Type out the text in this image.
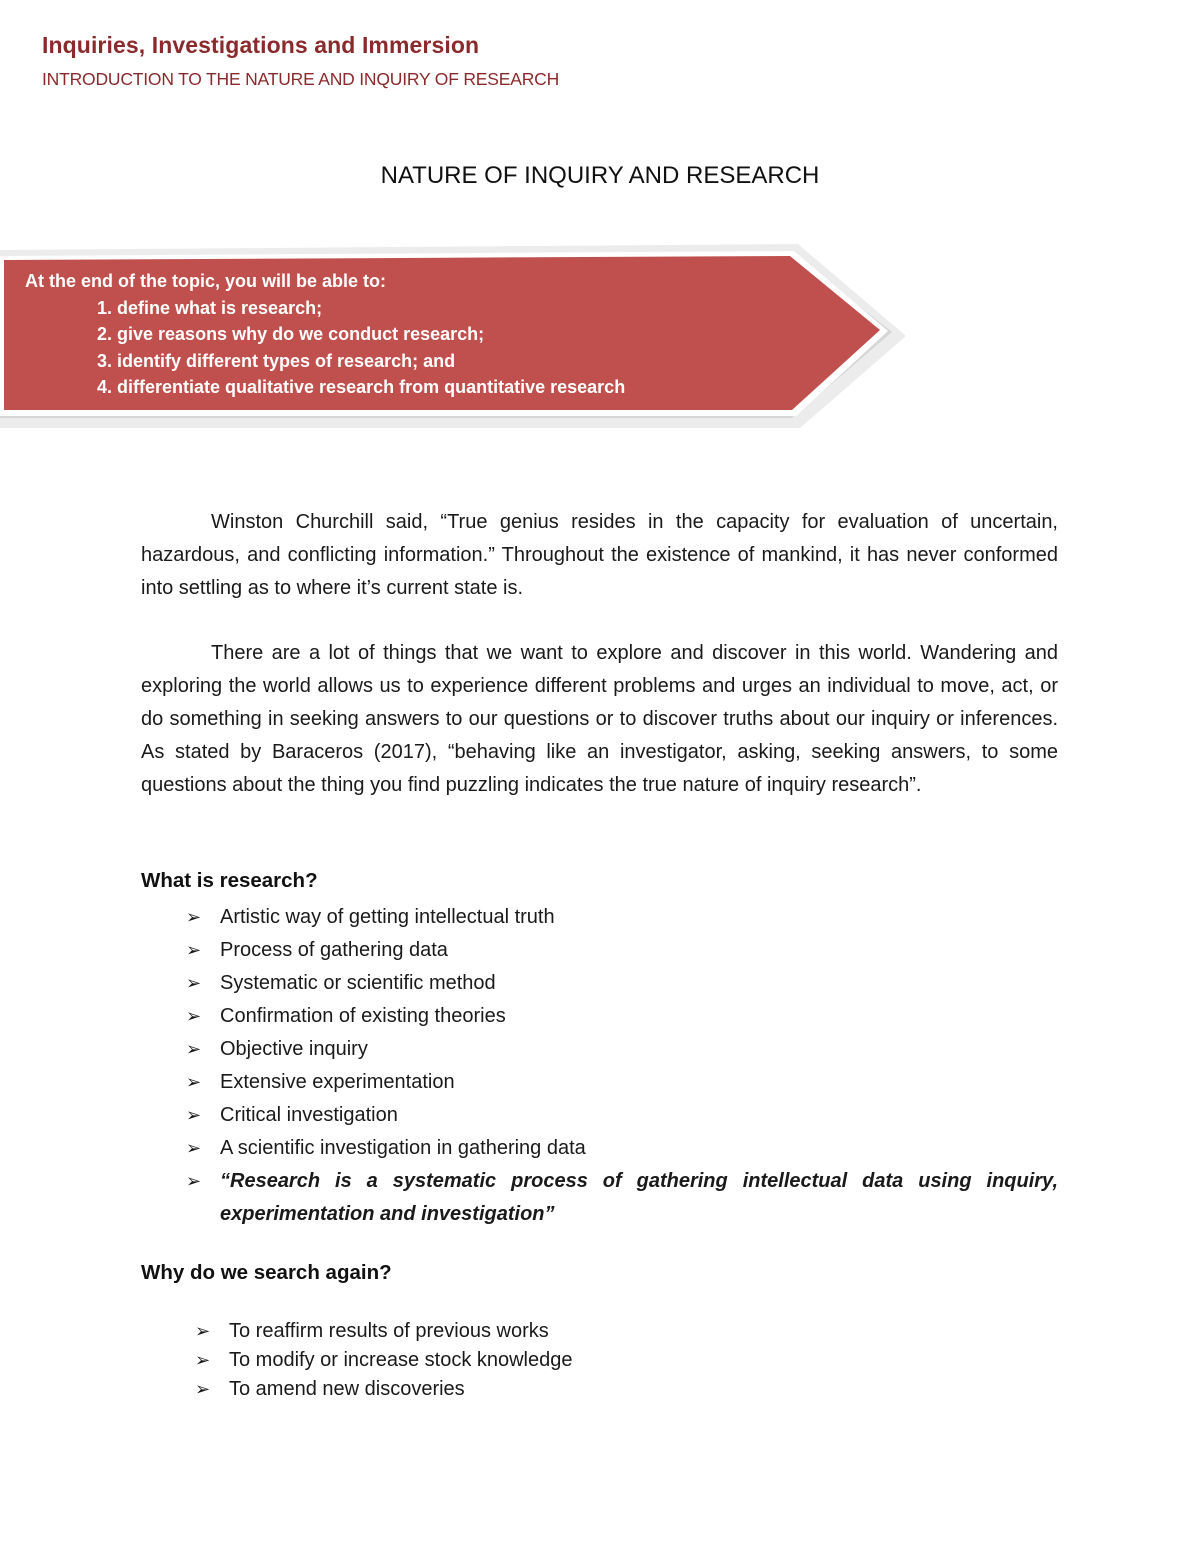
Inquiries, Investigations and Immersion
INTRODUCTION TO THE NATURE AND INQUIRY OF RESEARCH
NATURE OF INQUIRY AND RESEARCH
At the end of the topic, you will be able to:
1. define what is research;
2. give reasons why do we conduct research;
3. identify different types of research; and
4. differentiate qualitative research from quantitative research
Winston Churchill said, “True genius resides in the capacity for evaluation of uncertain, hazardous, and conflicting information.” Throughout the existence of mankind, it has never conformed into settling as to where it’s current state is.
There are a lot of things that we want to explore and discover in this world. Wandering and exploring the world allows us to experience different problems and urges an individual to move, act, or do something in seeking answers to our questions or to discover truths about our inquiry or inferences. As stated by Baraceros (2017), “behaving like an investigator, asking, seeking answers, to some questions about the thing you find puzzling indicates the true nature of inquiry research”.
What is research?
➢ Artistic way of getting intellectual truth
➢ Process of gathering data
➢ Systematic or scientific method
➢ Confirmation of existing theories
➢ Objective inquiry
➢ Extensive experimentation
➢ Critical investigation
➢ A scientific investigation in gathering data
➢ “Research is a systematic process of gathering intellectual data using inquiry, experimentation and investigation”
Why do we search again?
➢ To reaffirm results of previous works
➢ To modify or increase stock knowledge
➢ To amend new discoveries
